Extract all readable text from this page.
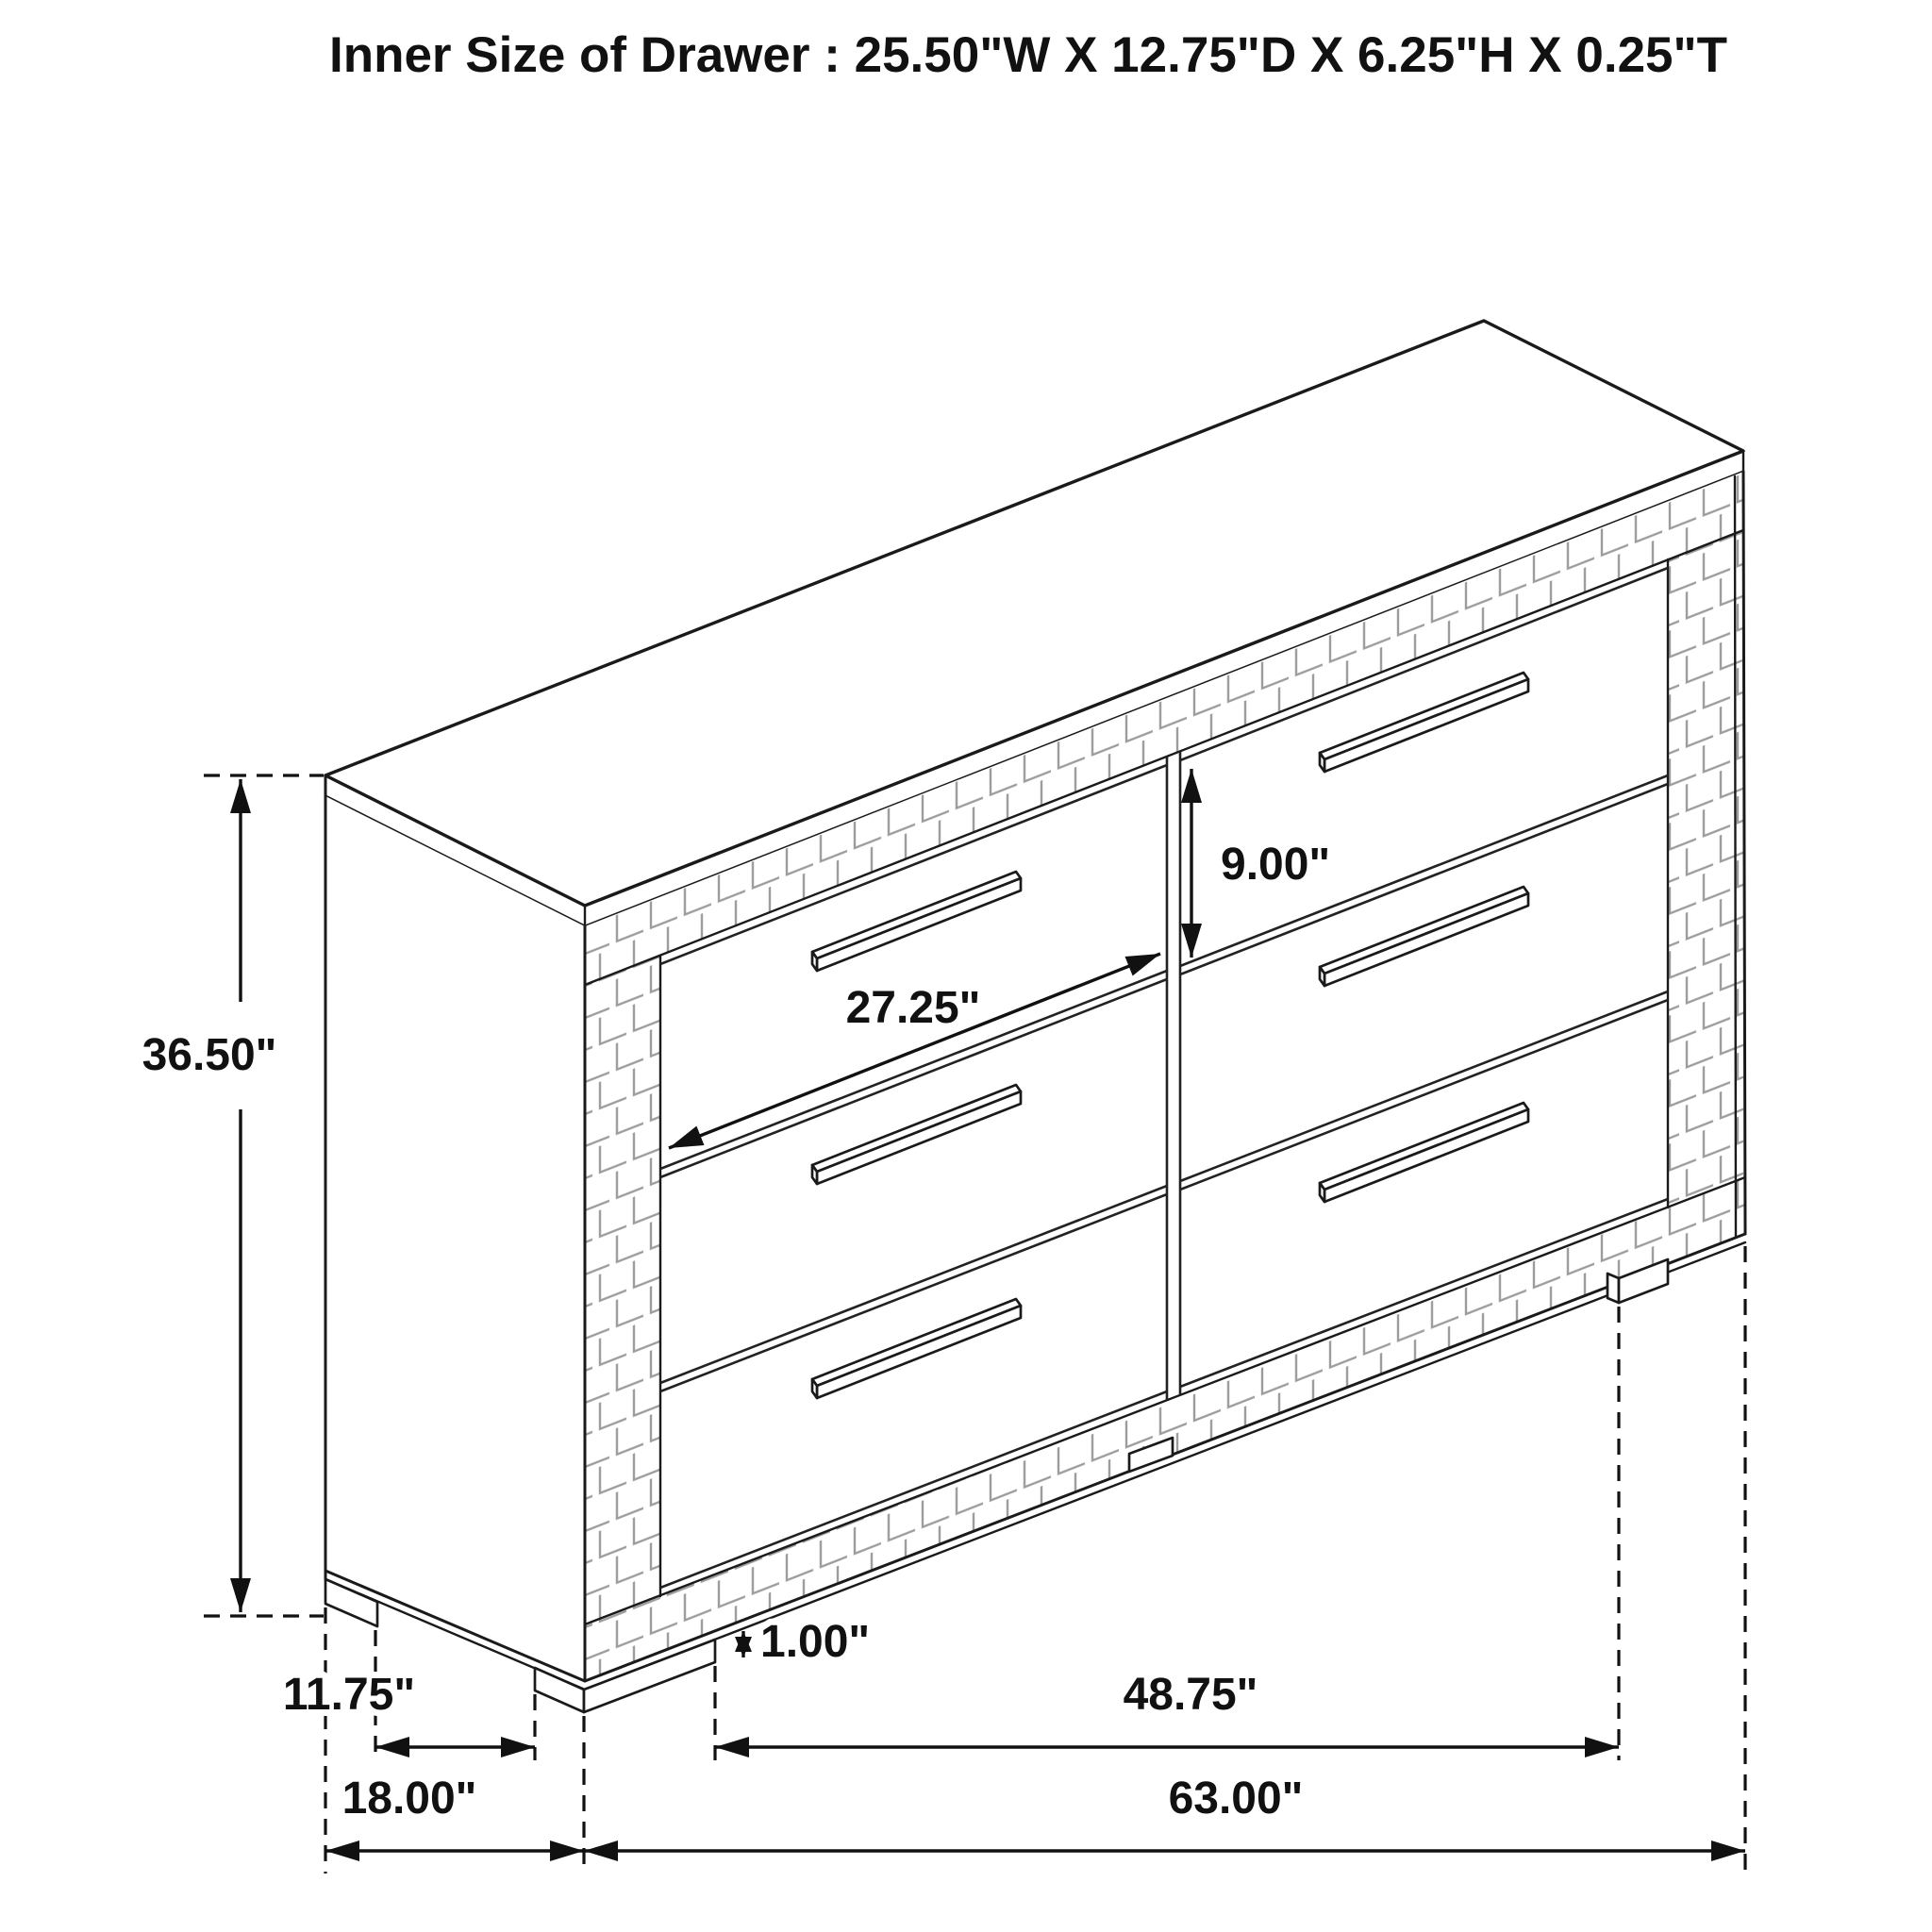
36.50"
27.25"
9.00"
1.00"
11.75"	48.75"
18.00"	63.00"
Inner Size of Drawer : 25.50"W X 12.75"D X 6.25"H X 0.25"T
